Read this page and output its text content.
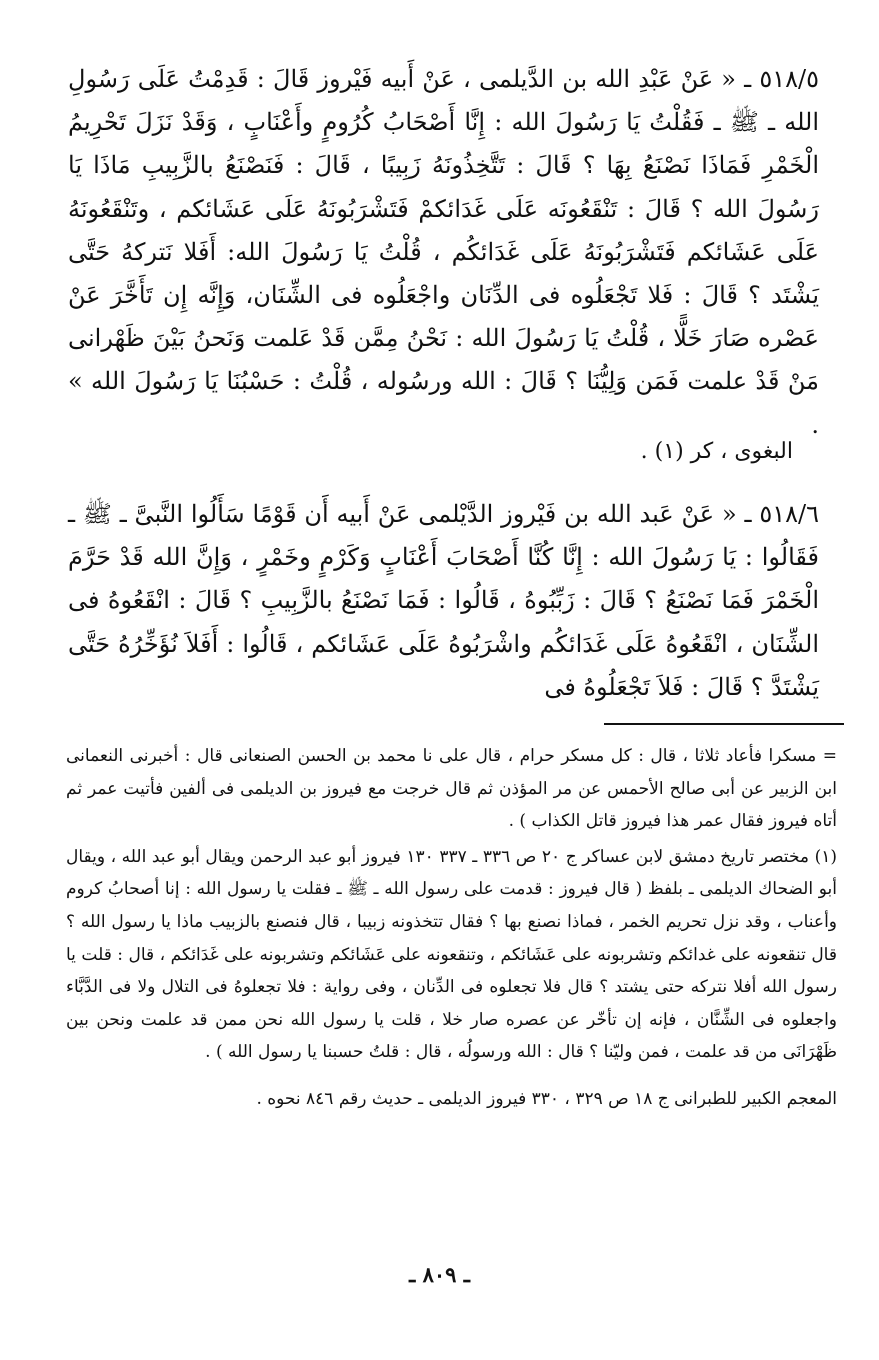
٥١٨/٥ ـ « عَنْ عَبْدِ الله بن الدَّيلمى ، عَنْ أَبيه فَيْروز قَالَ : قَدِمْتُ عَلَى رَسُولِ الله ـ ﷺ ـ فَقُلْتُ يَا رَسُولَ الله : إِنَّا أَصْحَابُ كُرُومٍ وأَعْنَابٍ ، وَقَدْ نَزَلَ تَحْرِيمُ الْخَمْرِ فَمَاذَا نَصْنَعُ بِهَا ؟ قَالَ : تَتَّخِذُونَهُ زَبِيبًا ، قَالَ : فَنَصْنَعُ بالزَّبِيبِ مَاذَا يَا رَسُولَ الله ؟ قَالَ : تَنْقَعُونَه عَلَى غَدَائكمْ فَتَشْرَبُونَهُ عَلَى عَشَائكم ، وتَنْقَعُونَهُ عَلَى عَشَائكم فَتَشْرَبُونَهُ عَلَى غَدَائكُم ، قُلْتُ يَا رَسُولَ الله: أَفَلا نَتركهُ حَتَّى يَشْتَد ؟ قَالَ : فَلا تَجْعَلُوه فى الدِّنَان واجْعَلُوه فى الشِّنَان، وَإِنَّه إِن تَأَخَّرَ عَنْ عَصْره صَارَ خَلًّا ، قُلْتُ يَا رَسُولَ الله : نَحْنُ مِمَّن قَدْ عَلمت وَنَحنُ بَيْنَ ظَهْرانى مَنْ قَدْ علمت فَمَن وَلِيُّنَا ؟ قَالَ : الله ورسُوله ، قُلْتُ : حَسْبُنَا يَا رَسُولَ الله » .

البغوى ، كر (١) .

٥١٨/٦ ـ « عَنْ عَبد الله بن فَيْروز الدَّيْلمى عَنْ أَبيه أَن قَوْمًا سَأَلُوا النَّبىَّ ـ ﷺ ـ فَقَالُوا : يَا رَسُولَ الله : إِنَّا كُنَّا أَصْحَابَ أَعْنَابٍ وَكَرْمٍ وخَمْرٍ ، وَإِنَّ الله قَدْ حَرَّمَ الْخَمْرَ فَمَا نَصْنَعُ ؟ قَالَ : زَبِّبُوهُ ، قَالُوا : فَمَا نَصْنَعُ بالزَّبِيبِ ؟ قَالَ : انْقَعُوهُ فى الشِّنَان ، انْقَعُوهُ عَلَى غَدَائكُم واشْرَبُوهُ عَلَى عَشَائكم ، قَالُوا : أَفَلاَ نُؤَخِّرُهُ حَتَّى يَشْتَدَّ ؟ قَالَ : فَلاَ تَجْعَلُوهُ فى

= مسكرا فأعاد ثلاثا ، قال : كل مسكر حرام ، قال على نا محمد بن الحسن الصنعانى قال : أخبرنى النعمانى ابن الزبير عن أبى صالح الأحمس عن مر المؤذن ثم قال خرجت مع فيروز بن الديلمى فى ألفين فأتيت عمر ثم أتاه فيروز فقال عمر هذا فيروز قاتل الكذاب ) .

(١) مختصر تاريخ دمشق لابن عساكر ج ٢٠ ص ٣٣٦ ـ ٣٣٧ ١٣٠ فيروز أبو عبد الرحمن ويقال أبو عبد الله ، ويقال أبو الضحاك الديلمى ـ بلفظ ( قال فيروز : قدمت على رسول الله ـ ﷺ ـ فقلت يا رسول الله : إنا أصحابُ كروم وأعناب ، وقد نزل تحريم الخمر ، فماذا نصنع بها ؟ فقال تتخذونه زبيبا ، قال فنصنع بالزبيب ماذا يا رسول الله ؟ قال تنقعونه على غدائكم وتشربونه على عَشَائكم ، وتنقعونه على عَشَائكم وتشربونه على غَدَائكم ، قال : قلت يا رسول الله أفلا نتركه حتى يشتد ؟ قال فلا تجعلوه فى الدِّنان ، وفى رواية : فلا تجعلوهُ فى التلال ولا فى الدَّبَّاء واجعلوه فى الشِّنَّان ، فإنه إن تأخّر عن عصره صار خلا ، قلت يا رسول الله نحن ممن قد علمت ونحن بين ظَهْرَانَى من قد علمت ، فمن وليّنا ؟ قال : الله ورسولُه ، قال : قلتُ حسبنا يا رسول الله ) .

المعجم الكبير للطبرانى ج ١٨ ص ٣٢٩ ، ٣٣٠ فيروز الديلمى ـ حديث رقم ٨٤٦ نحوه .

ـ ٨٠٩ ـ
